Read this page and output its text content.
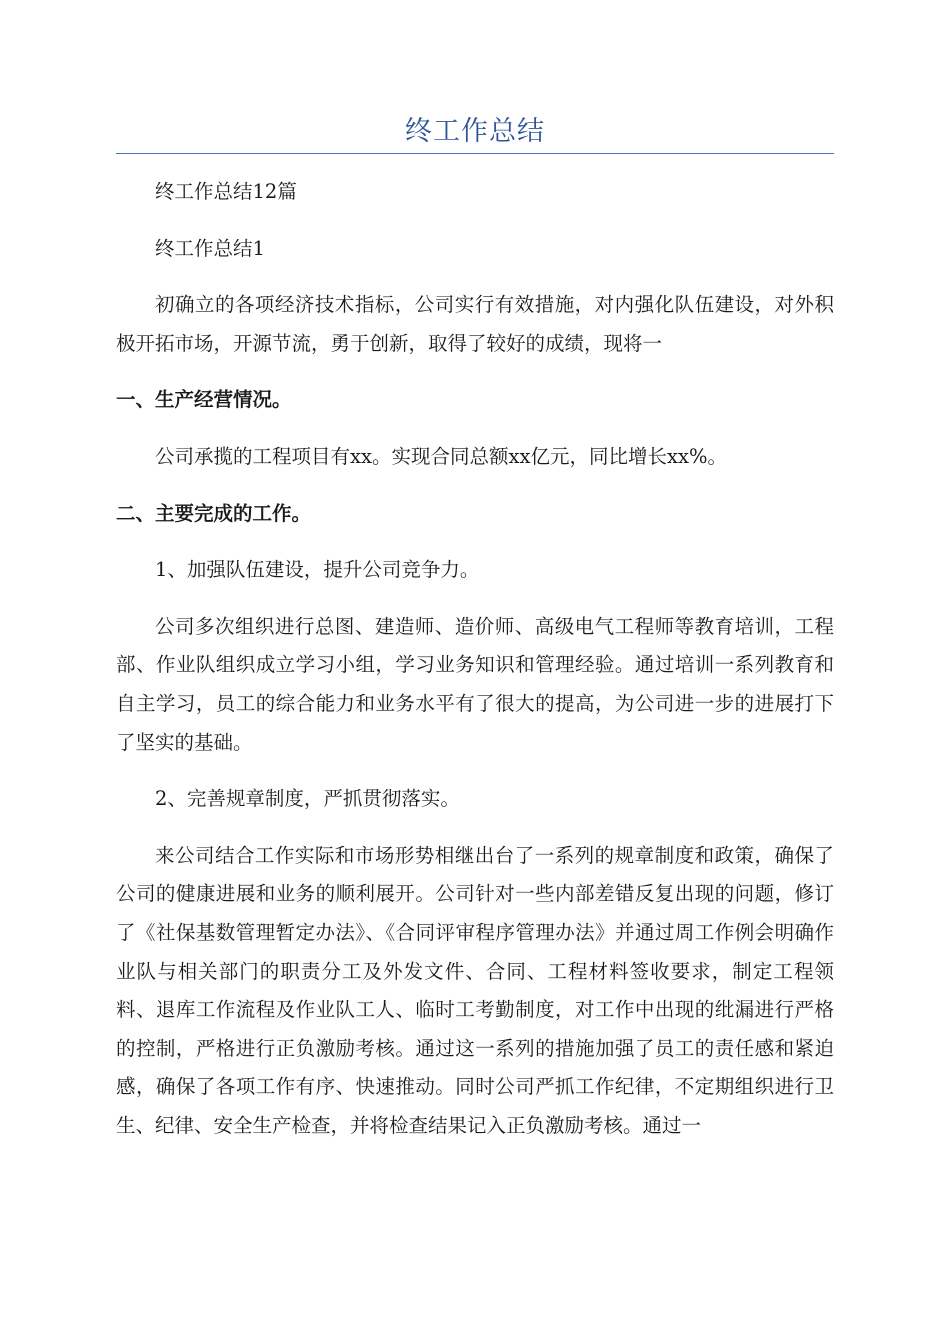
终工作总结

终工作总结12篇

终工作总结1

初确立的各项经济技术指标，公司实行有效措施，对内强化队伍建设，对外积极开拓市场，开源节流，勇于创新，取得了较好的成绩，现将一

一、生产经营情况。

公司承揽的工程项目有xx。实现合同总额xx亿元，同比增长xx%。

二、主要完成的工作。

1、加强队伍建设，提升公司竞争力。

公司多次组织进行总图、建造师、造价师、高级电气工程师等教育培训，工程部、作业队组织成立学习小组，学习业务知识和管理经验。通过培训一系列教育和自主学习，员工的综合能力和业务水平有了很大的提高，为公司进一步的进展打下了坚实的基础。

2、完善规章制度，严抓贯彻落实。

来公司结合工作实际和市场形势相继出台了一系列的规章制度和政策，确保了公司的健康进展和业务的顺利展开。公司针对一些内部差错反复出现的问题，修订了《社保基数管理暂定办法》、《合同评审程序管理办法》并通过周工作例会明确作业队与相关部门的职责分工及外发文件、合同、工程材料签收要求，制定工程领料、退库工作流程及作业队工人、临时工考勤制度，对工作中出现的纰漏进行严格的控制，严格进行正负激励考核。通过这一系列的措施加强了员工的责任感和紧迫感，确保了各项工作有序、快速推动。同时公司严抓工作纪律，不定期组织进行卫生、纪律、安全生产检查，并将检查结果记入正负激励考核。通过一
